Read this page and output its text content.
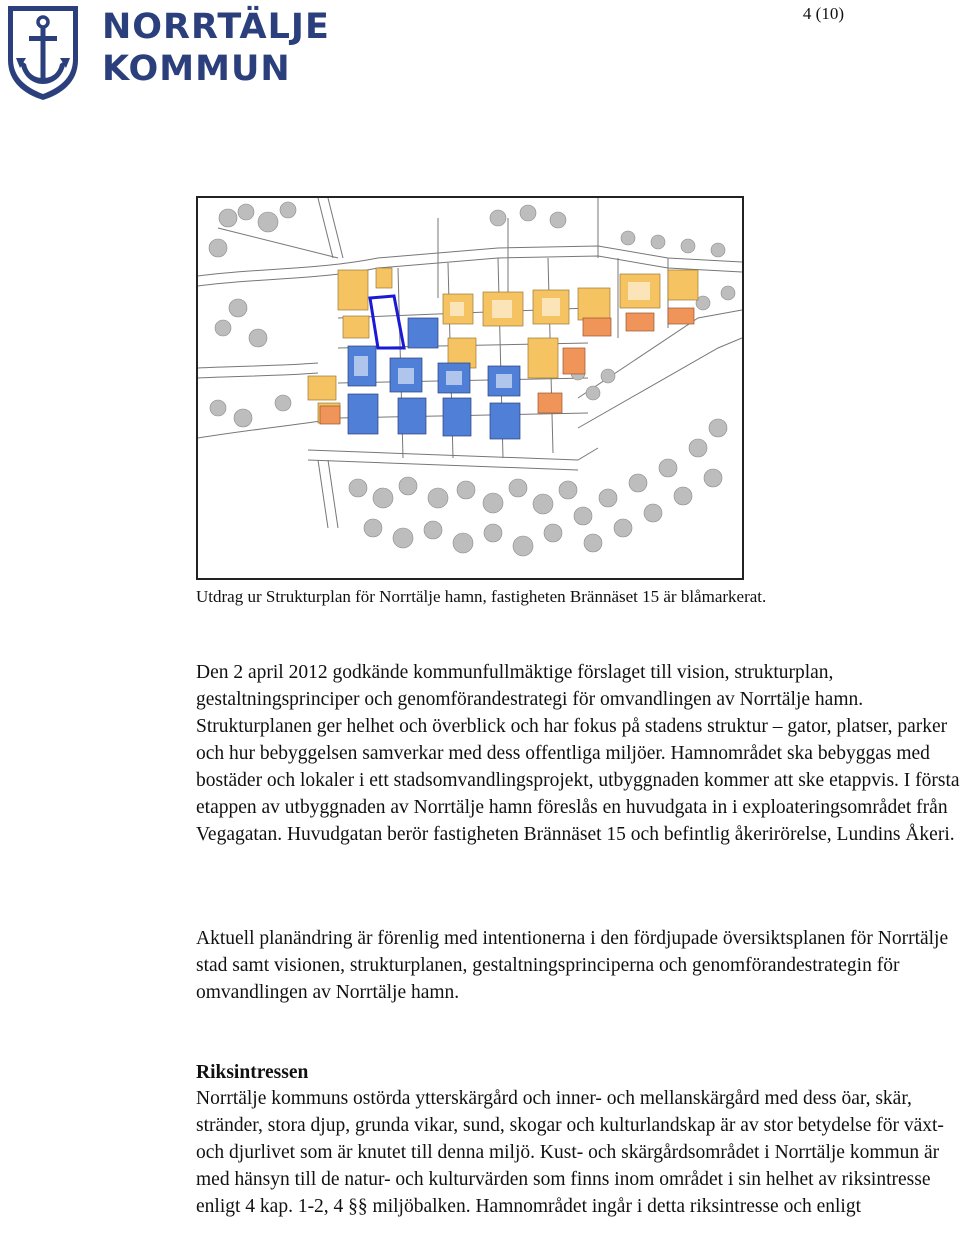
NORRTÄLJE
KOMMUN
4 (10)
Utdrag ur Strukturplan för Norrtälje hamn, fastigheten Brännäset 15 är blåmarkerat.

Den 2 april 2012 godkände kommunfullmäktige förslaget till vision, strukturplan, gestaltningsprinciper och genomförandestrategi för omvandlingen av Norrtälje hamn. Strukturplanen ger helhet och överblick och har fokus på stadens struktur – gator, platser, parker och hur bebyggelsen samverkar med dess offentliga miljöer. Hamnområdet ska bebyggas med bostäder och lokaler i ett stadsomvandlingsprojekt, utbyggnaden kommer att ske etappvis. I första etappen av utbyggnaden av Norrtälje hamn föreslås en huvudgata in i exploateringsområdet från Vegagatan. Huvudgatan berör fastigheten Brännäset 15 och befintlig åkerirörelse, Lundins Åkeri.

Aktuell planändring är förenlig med intentionerna i den fördjupade översiktsplanen för Norrtälje stad samt visionen, strukturplanen, gestaltningsprinciperna och genomförandestrategin för omvandlingen av Norrtälje hamn.

Riksintressen

Norrtälje kommuns ostörda ytterskärgård och inner- och mellanskärgård med dess öar, skär, stränder, stora djup, grunda vikar, sund, skogar och kulturlandskap är av stor betydelse för växt- och djurlivet som är knutet till denna miljö. Kust- och skärgårdsområdet i Norrtälje kommun är med hänsyn till de natur- och kulturvärden som finns inom området i sin helhet av riksintresse enligt 4 kap. 1-2, 4 §§ miljöbalken. Hamnområdet ingår i detta riksintresse och enligt
